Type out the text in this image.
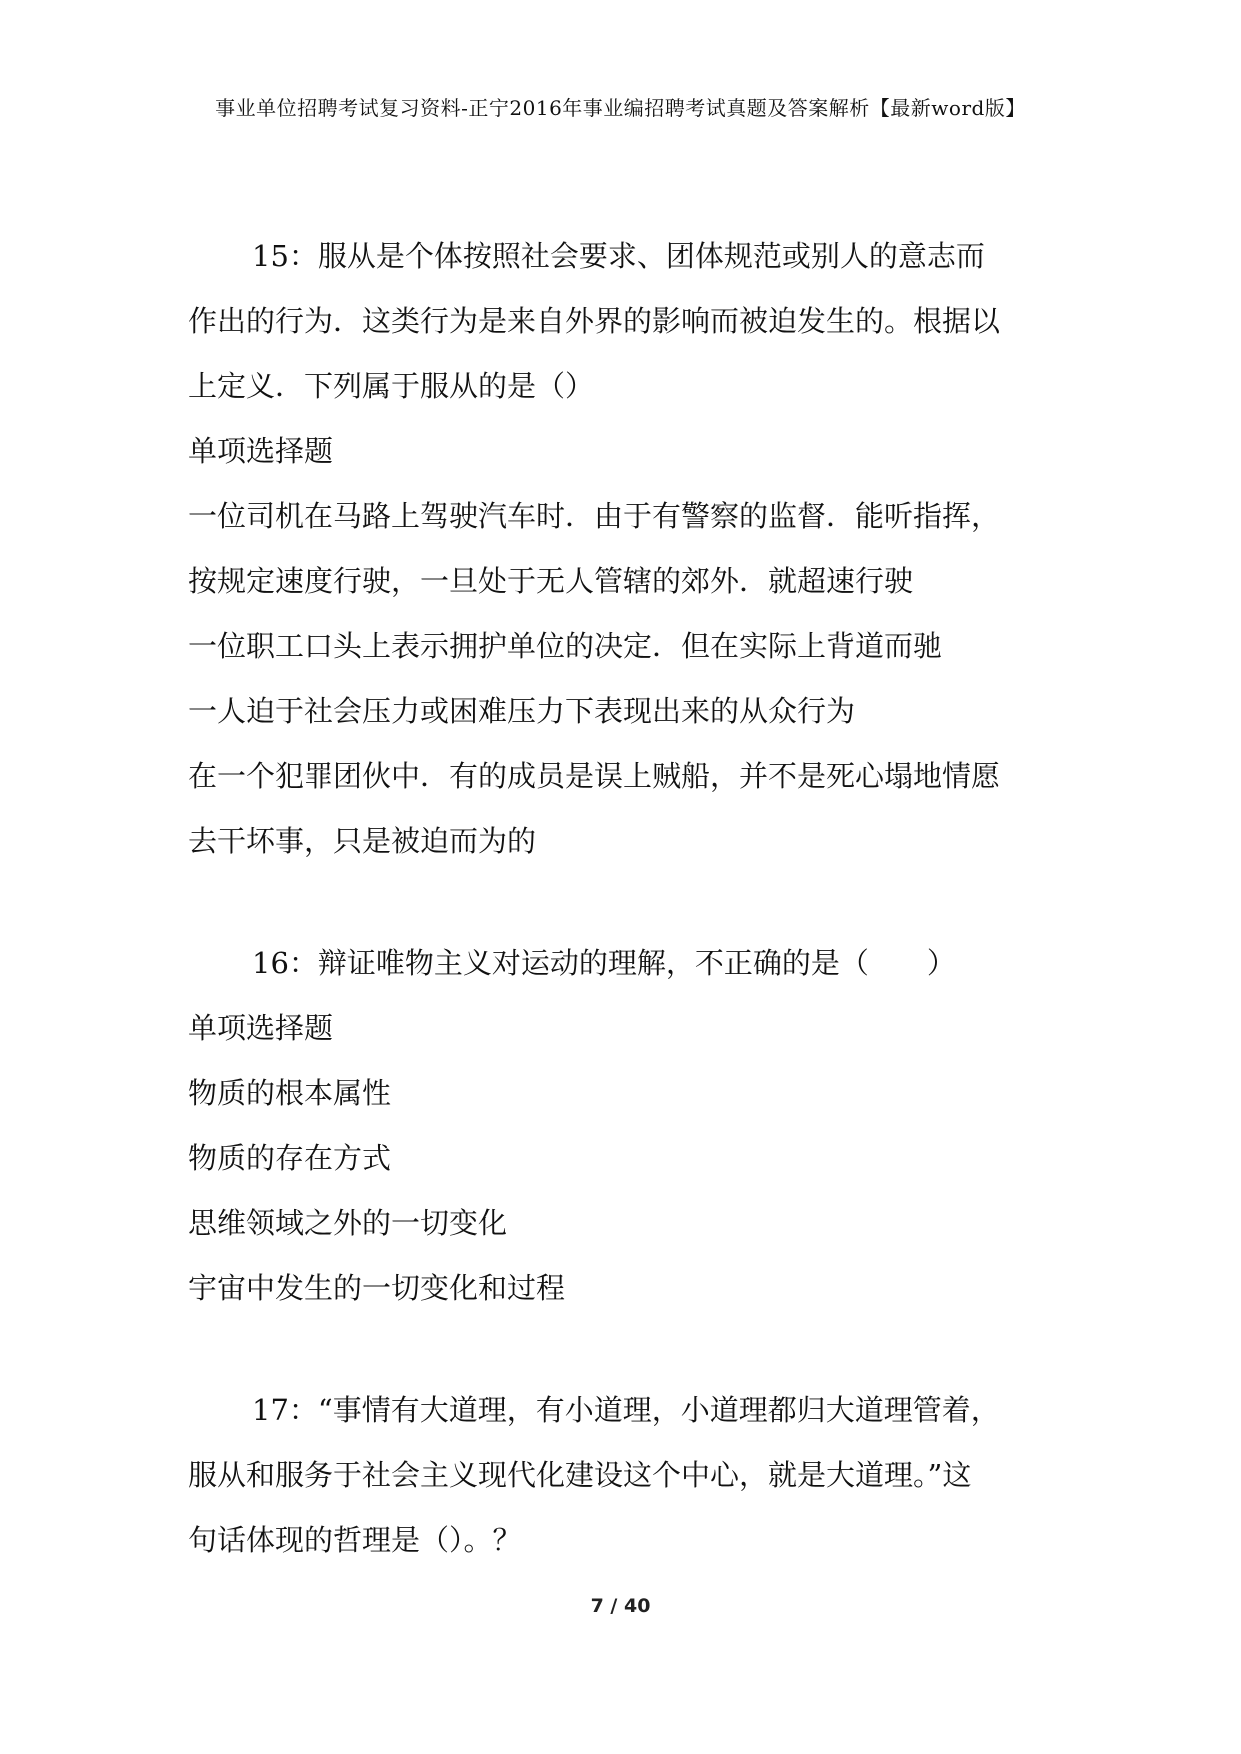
事业单位招聘考试复习资料-正宁2016年事业编招聘考试真题及答案解析【最新word版】
15：服从是个体按照社会要求、团体规范或别人的意志而
作出的行为．这类行为是来自外界的影响而被迫发生的。根据以
上定义．下列属于服从的是（）
单项选择题
一位司机在马路上驾驶汽车时．由于有警察的监督．能听指挥，
按规定速度行驶，一旦处于无人管辖的郊外．就超速行驶
一位职工口头上表示拥护单位的决定．但在实际上背道而驰
一人迫于社会压力或困难压力下表现出来的从众行为
在一个犯罪团伙中．有的成员是误上贼船，并不是死心塌地情愿
去干坏事，只是被迫而为的
16：辩证唯物主义对运动的理解，不正确的是（　　）
单项选择题
物质的根本属性
物质的存在方式
思维领域之外的一切变化
宇宙中发生的一切变化和过程
17：“事情有大道理，有小道理，小道理都归大道理管着，
服从和服务于社会主义现代化建设这个中心，就是大道理。”这
句话体现的哲理是（）。？
7 / 40
